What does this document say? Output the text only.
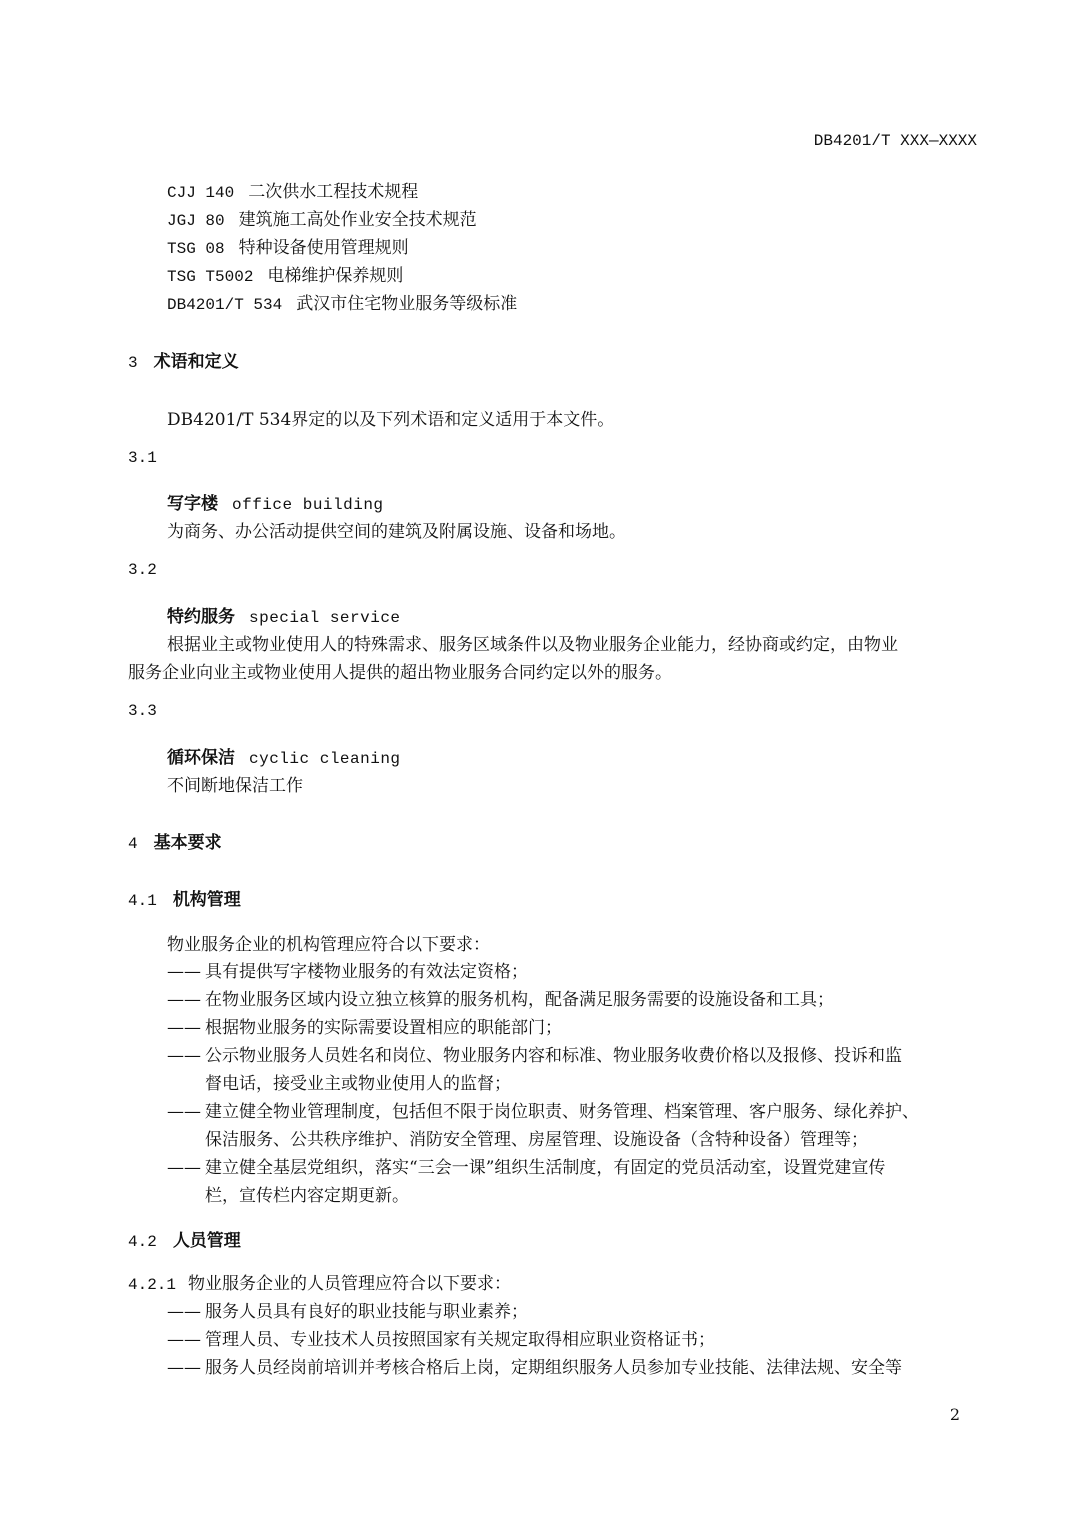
DB4201/T XXX—XXXX
CJJ 140 二次供水工程技术规程
JGJ 80 建筑施工高处作业安全技术规范
TSG 08 特种设备使用管理规则
TSG T5002 电梯维护保养规则
DB4201/T 534 武汉市住宅物业服务等级标准
3 术语和定义
DB4201/T 534界定的以及下列术语和定义适用于本文件。
3.1
写字楼 office building
为商务、办公活动提供空间的建筑及附属设施、设备和场地。
3.2
特约服务 special service
根据业主或物业使用人的特殊需求、服务区域条件以及物业服务企业能力，经协商或约定，由物业
服务企业向业主或物业使用人提供的超出物业服务合同约定以外的服务。
3.3
循环保洁 cyclic cleaning
不间断地保洁工作
4 基本要求
4.1 机构管理
物业服务企业的机构管理应符合以下要求：
—— 具有提供写字楼物业服务的有效法定资格；
—— 在物业服务区域内设立独立核算的服务机构，配备满足服务需要的设施设备和工具；
—— 根据物业服务的实际需要设置相应的职能部门；
—— 公示物业服务人员姓名和岗位、物业服务内容和标准、物业服务收费价格以及报修、投诉和监
督电话，接受业主或物业使用人的监督；
—— 建立健全物业管理制度，包括但不限于岗位职责、财务管理、档案管理、客户服务、绿化养护、
保洁服务、公共秩序维护、消防安全管理、房屋管理、设施设备（含特种设备）管理等；
—— 建立健全基层党组织，落实“三会一课”组织生活制度，有固定的党员活动室，设置党建宣传
栏，宣传栏内容定期更新。
4.2 人员管理
4.2.1 物业服务企业的人员管理应符合以下要求：
—— 服务人员具有良好的职业技能与职业素养；
—— 管理人员、专业技术人员按照国家有关规定取得相应职业资格证书；
—— 服务人员经岗前培训并考核合格后上岗，定期组织服务人员参加专业技能、法律法规、安全等
2
